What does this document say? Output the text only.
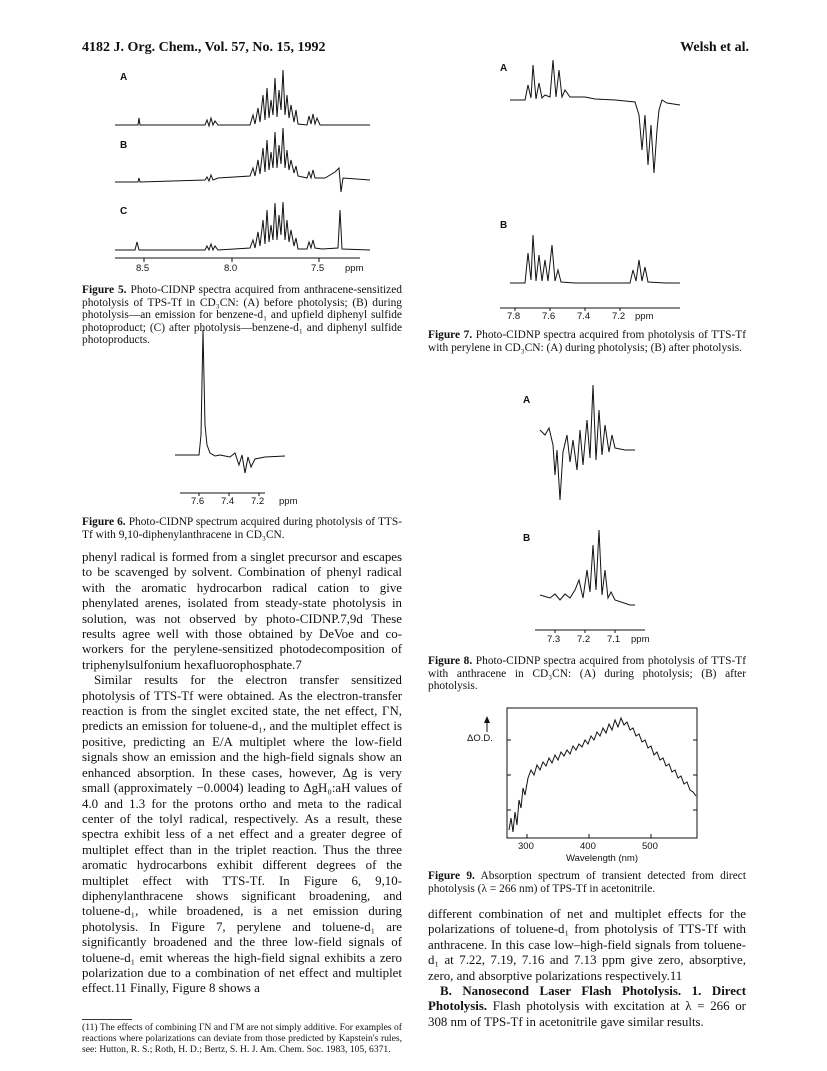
4182 J. Org. Chem., Vol. 57, No. 15, 1992	Welsh et al.
A
B
C
8.5	8.0	7.5 ppm
Figure 5. Photo-CIDNP spectra acquired from anthracene-sensitized photolysis of TPS-Tf in CD₃CN: (A) before photolysis; (B) during photolysis—an emission for benzene-d₁ and upfield diphenyl sulfide photoproduct; (C) after photolysis—benzene-d₁ and diphenyl sulfide photoproducts.
7.6 7.4 7.2 ppm
Figure 6. Photo-CIDNP spectrum acquired during photolysis of TTS-Tf with 9,10-diphenylanthracene in CD₃CN.

phenyl radical is formed from a singlet precursor and escapes to be scavenged by solvent. Combination of phenyl radical with the aromatic hydrocarbon radical cation to give phenylated arenes, isolated from steady-state photolysis in solution, was not observed by photo-CIDNP.7,9d These results agree well with those obtained by DeVoe and co-workers for the perylene-sensitized photodecomposition of triphenylsulfonium hexafluorophosphate.7

Similar results for the electron transfer sensitized photolysis of TTS-Tf were obtained. As the electron-transfer reaction is from the singlet excited state, the net effect, ΓN, predicts an emission for toluene-d₁, and the multiplet effect is positive, predicting an E/A multiplet where the low-field signals show an emission and the high-field signals show an enhanced absorption. In these cases, however, Δg is very small (approximately −0.0004) leading to ΔgH₀:aH values of 4.0 and 1.3 for the protons ortho and meta to the radical center of the tolyl radical, respectively. As a result, these spectra exhibit less of a net effect and a greater degree of multiplet effect than in the triplet reaction. Thus the three aromatic hydrocarbons exhibit different degrees of the multiplet effect with TTS-Tf. In Figure 6, 9,10-diphenylanthracene shows significant broadening, and toluene-d₁, while broadened, is a net emission during photolysis. In Figure 7, perylene and toluene-d₁ are significantly broadened and the three low-field signals of toluene-d₁ emit whereas the high-field signal exhibits a zero polarization due to a combination of net effect and multiplet effect.11 Finally, Figure 8 shows a

(11) The effects of combining ΓN and ΓM are not simply additive. For examples of reactions where polarizations can deviate from those predicted by Kapstein's rules, see: Hutton, R. S.; Roth, H. D.; Bertz, S. H. J. Am. Chem. Soc. 1983, 105, 6371.
A
B
7.8 7.6 7.4 7.2 ppm
Figure 7. Photo-CIDNP spectra acquired from photolysis of TTS-Tf with perylene in CD₃CN: (A) during photolysis; (B) after photolysis.
A
B
7.3 7.2 7.1 ppm
Figure 8. Photo-CIDNP spectra acquired from photolysis of TTS-Tf with anthracene in CD₃CN: (A) during photolysis; (B) after photolysis.
ΔO.D.
300	400	500
Wavelength (nm)
Figure 9. Absorption spectrum of transient detected from direct photolysis (λ = 266 nm) of TPS-Tf in acetonitrile.

different combination of net and multiplet effects for the polarizations of toluene-d₁ from photolysis of TTS-Tf with anthracene. In this case low–high-field signals from toluene-d₁ at 7.22, 7.19, 7.16 and 7.13 ppm give zero, absorptive, zero, and absorptive polarizations respectively.11

B. Nanosecond Laser Flash Photolysis. 1. Direct Photolysis. Flash photolysis with excitation at λ = 266 or 308 nm of TPS-Tf in acetonitrile gave similar results.
